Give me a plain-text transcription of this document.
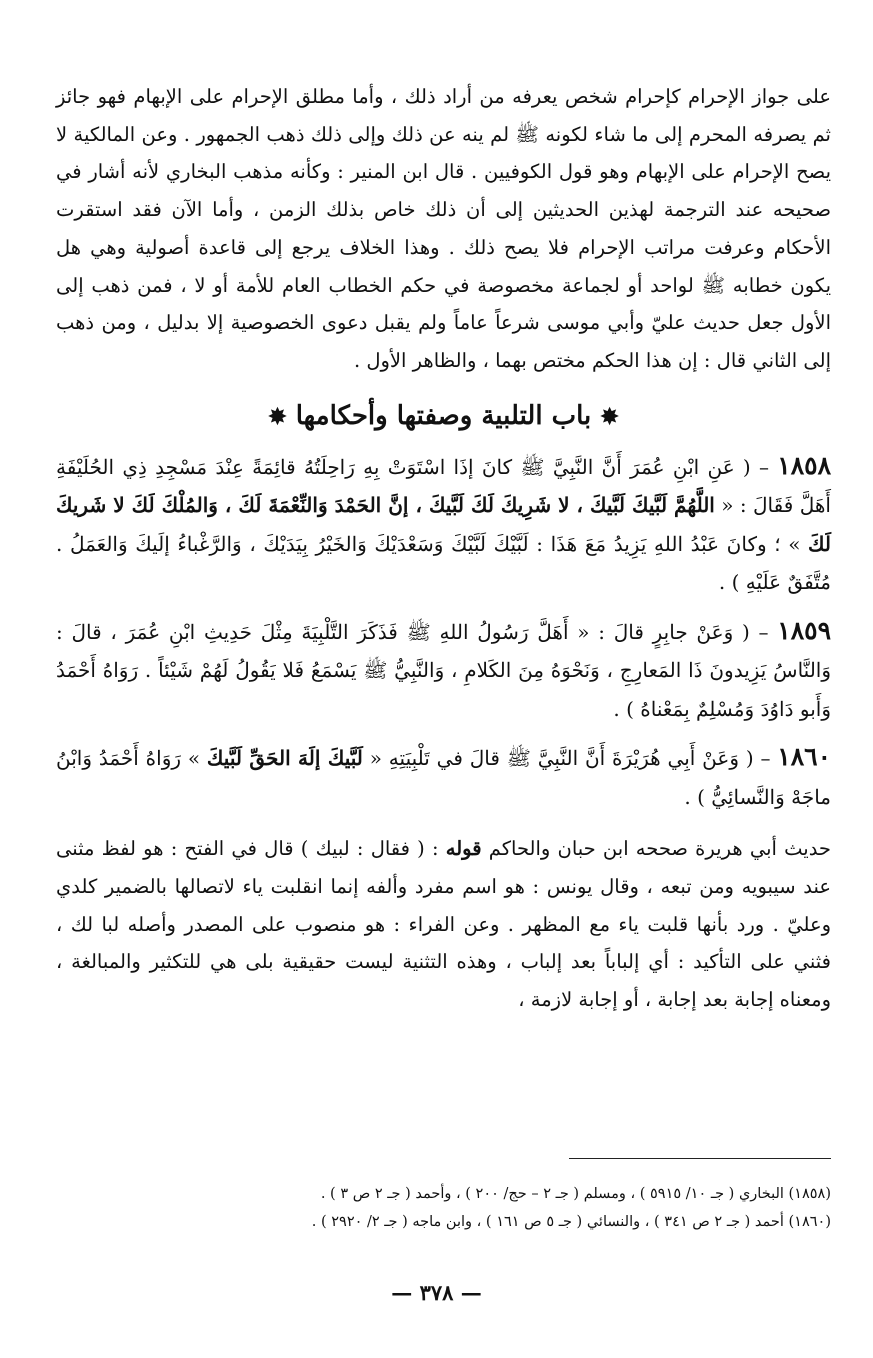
على جواز الإحرام كإحرام شخص يعرفه من أراد ذلك ، وأما مطلق الإحرام على الإبهام فهو جائز ثم يصرفه المحرم إلى ما شاء لكونه ﷺ لم ينه عن ذلك وإلى ذلك ذهب الجمهور . وعن المالكية لا يصح الإحرام على الإبهام وهو قول الكوفيين . قال ابن المنير : وكأنه مذهب البخاري لأنه أشار في صحيحه عند الترجمة لهذين الحديثين إلى أن ذلك خاص بذلك الزمن ، وأما الآن فقد استقرت الأحكام وعرفت مراتب الإحرام فلا يصح ذلك . وهذا الخلاف يرجع إلى قاعدة أصولية وهي هل يكون خطابه ﷺ لواحد أو لجماعة مخصوصة في حكم الخطاب العام للأمة أو لا ، فمن ذهب إلى الأول جعل حديث عليّ وأبي موسى شرعاً عاماً ولم يقبل دعوى الخصوصية إلا بدليل ، ومن ذهب إلى الثاني قال : إن هذا الحكم مختص بهما ، والظاهر الأول .

✸ باب التلبية وصفتها وأحكامها ✸

١٨٥٨ – ( عَنِ ابْنِ عُمَرَ أَنَّ النَّبِيَّ ﷺ كانَ إذَا اسْتَوَتْ بِهِ رَاحِلَتُهُ قائِمَةً عِنْدَ مَسْجِدِ ذِي الحُلَيْفَةِ أَهَلَّ فَقَالَ : « اللَّهُمَّ لَبَّيكَ لَبَّيكَ ، لا شَرِيكَ لَكَ لَبَّيكَ ، إنَّ الحَمْدَ وَالنِّعْمَةَ لَكَ ، وَالمُلْكَ لَكَ لا شَريكَ لَكَ » ؛ وكانَ عَبْدُ اللهِ يَزِيدُ مَعَ هَذَا : لَبَّيْكَ لَبَّيْكَ وَسَعْدَيْكَ وَالخَيْرُ بِيَدَيْكَ ، وَالرَّغْباءُ إلَيكَ وَالعَمَلُ . مُتَّفَقٌ عَلَيْهِ ) .

١٨٥٩ – ( وَعَنْ جابِرٍ قالَ : « أَهَلَّ رَسُولُ اللهِ ﷺ فَذَكَرَ التَّلْبِيَةَ مِثْلَ حَدِيثِ ابْنِ عُمَرَ ، قالَ : وَالنَّاسُ يَزِيدونَ ذَا المَعارِجِ ، وَنَحْوَهُ مِنَ الكَلامِ ، وَالنَّبِيُّ ﷺ يَسْمَعُ فَلا يَقُولُ لَهُمْ شَيْئاً . رَوَاهُ أَحْمَدُ وَأَبو دَاوُدَ وَمُسْلِمٌ بِمَعْناهُ ) .

١٨٦٠ – ( وَعَنْ أَبِي هُرَيْرَةَ أَنَّ النَّبِيَّ ﷺ قالَ في تَلْبِيَتِهِ « لَبَّيكَ إلَهَ الحَقِّ لَبَّيكَ » رَوَاهُ أَحْمَدُ وَابْنُ ماجَهْ وَالنَّسائِيُّ ) .

حديث أبي هريرة صححه ابن حبان والحاكم قوله : ( فقال : لبيك ) قال في الفتح : هو لفظ مثنى عند سيبويه ومن تبعه ، وقال يونس : هو اسم مفرد وألفه إنما انقلبت ياء لاتصالها بالضمير كلدي وعليّ . ورد بأنها قلبت ياء مع المظهر . وعن الفراء : هو منصوب على المصدر وأصله لبا لك ، فثني على التأكيد : أي إلباباً بعد إلباب ، وهذه التثنية ليست حقيقية بلى هي للتكثير والمبالغة ، ومعناه إجابة بعد إجابة ، أو إجابة لازمة ،

(١٨٥٨) البخاري ( جـ ١٠/ ٥٩١٥ ) ، ومسلم ( جـ ٢ – حج/ ٢٠٠ ) ، وأحمد ( جـ ٢ ص ٣ ) .

(١٨٦٠) أحمد ( جـ ٢ ص ٣٤١ ) ، والنسائي ( جـ ٥ ص ١٦١ ) ، وابن ماجه ( جـ ٢/ ٢٩٢٠ ) .

— ٣٧٨ —
